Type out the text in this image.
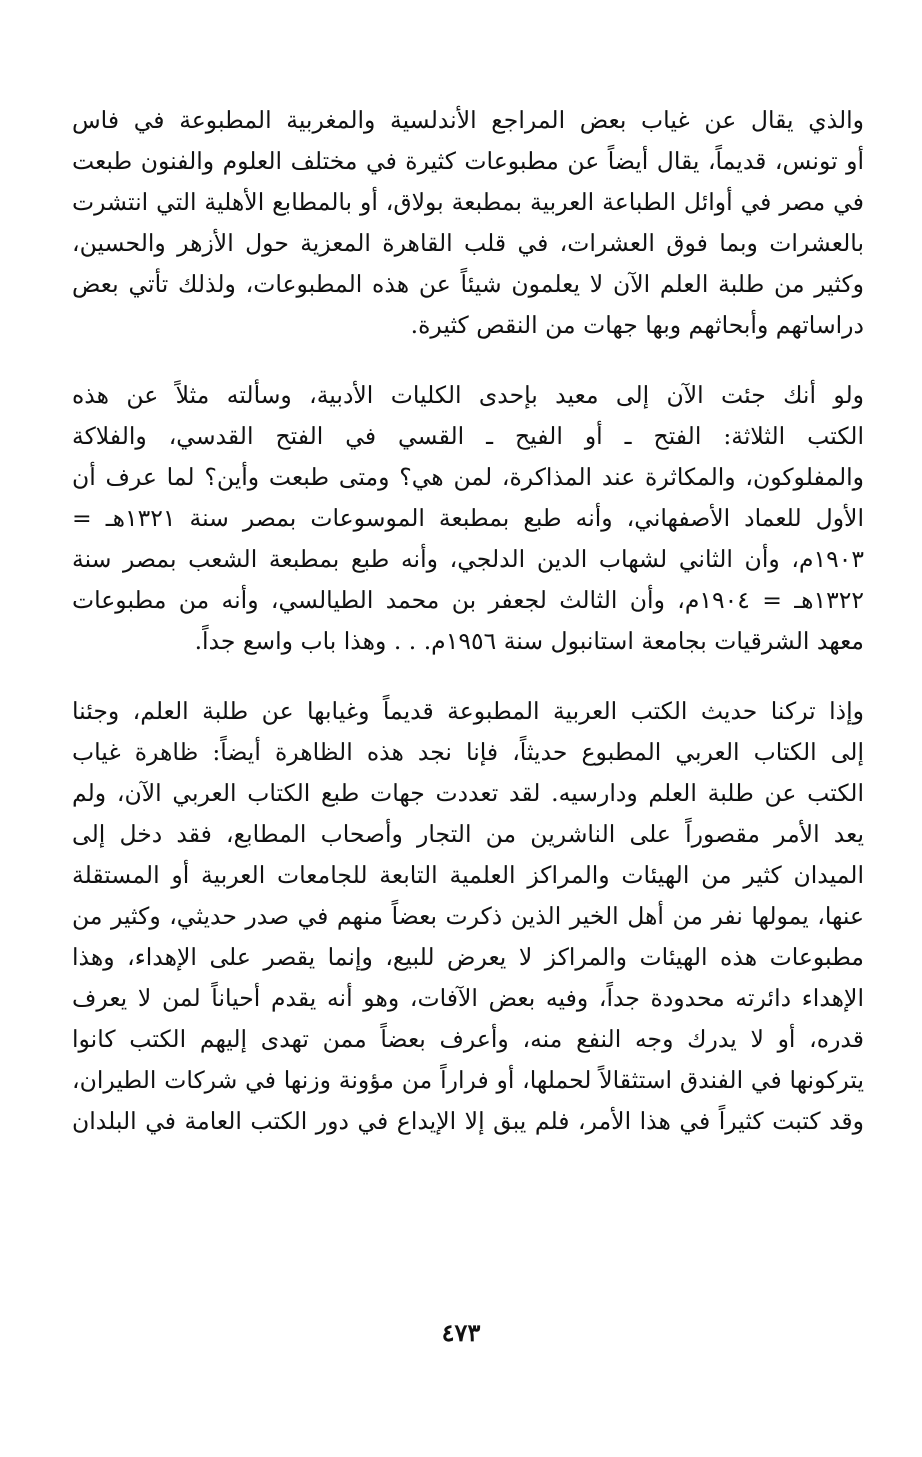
والذي يقال عن غياب بعض المراجع الأندلسية والمغربية المطبوعة في فاس
أو تونس، قديماً، يقال أيضاً عن مطبوعات كثيرة في مختلف العلوم والفنون طبعت
في مصر في أوائل الطباعة العربية بمطبعة بولاق، أو بالمطابع الأهلية التي انتشرت
بالعشرات وبما فوق العشرات، في قلب القاهرة المعزية حول الأزهر والحسين،
وكثير من طلبة العلم الآن لا يعلمون شيئاً عن هذه المطبوعات، ولذلك تأتي بعض
دراساتهم وأبحاثهم وبها جهات من النقص كثيرة.
ولو أنك جئت الآن إلى معيد بإحدى الكليات الأدبية، وسألته مثلاً عن هذه
الكتب الثلاثة: الفتح ـ أو الفيح ـ القسي في الفتح القدسي، والفلاكة
والمفلوكون، والمكاثرة عند المذاكرة، لمن هي؟ ومتى طبعت وأين؟ لما عرف أن
الأول للعماد الأصفهاني، وأنه طبع بمطبعة الموسوعات بمصر سنة ١٣٢١هـ =
١٩٠٣م، وأن الثاني لشهاب الدين الدلجي، وأنه طبع بمطبعة الشعب بمصر سنة
١٣٢٢هـ = ١٩٠٤م، وأن الثالث لجعفر بن محمد الطيالسي، وأنه من مطبوعات
معهد الشرقيات بجامعة استانبول سنة ١٩٥٦م. . . وهذا باب واسع جداً.
وإذا تركنا حديث الكتب العربية المطبوعة قديماً وغيابها عن طلبة العلم، وجئنا
إلى الكتاب العربي المطبوع حديثاً، فإنا نجد هذه الظاهرة أيضاً: ظاهرة غياب
الكتب عن طلبة العلم ودارسيه. لقد تعددت جهات طبع الكتاب العربي الآن، ولم
يعد الأمر مقصوراً على الناشرين من التجار وأصحاب المطابع، فقد دخل إلى
الميدان كثير من الهيئات والمراكز العلمية التابعة للجامعات العربية أو المستقلة
عنها، يمولها نفر من أهل الخير الذين ذكرت بعضاً منهم في صدر حديثي، وكثير من
مطبوعات هذه الهيئات والمراكز لا يعرض للبيع، وإنما يقصر على الإهداء، وهذا
الإهداء دائرته محدودة جداً، وفيه بعض الآفات، وهو أنه يقدم أحياناً لمن لا يعرف
قدره، أو لا يدرك وجه النفع منه، وأعرف بعضاً ممن تهدى إليهم الكتب كانوا
يتركونها في الفندق استثقالاً لحملها، أو فراراً من مؤونة وزنها في شركات الطيران،
وقد كتبت كثيراً في هذا الأمر، فلم يبق إلا الإيداع في دور الكتب العامة في البلدان
٤٧٣
